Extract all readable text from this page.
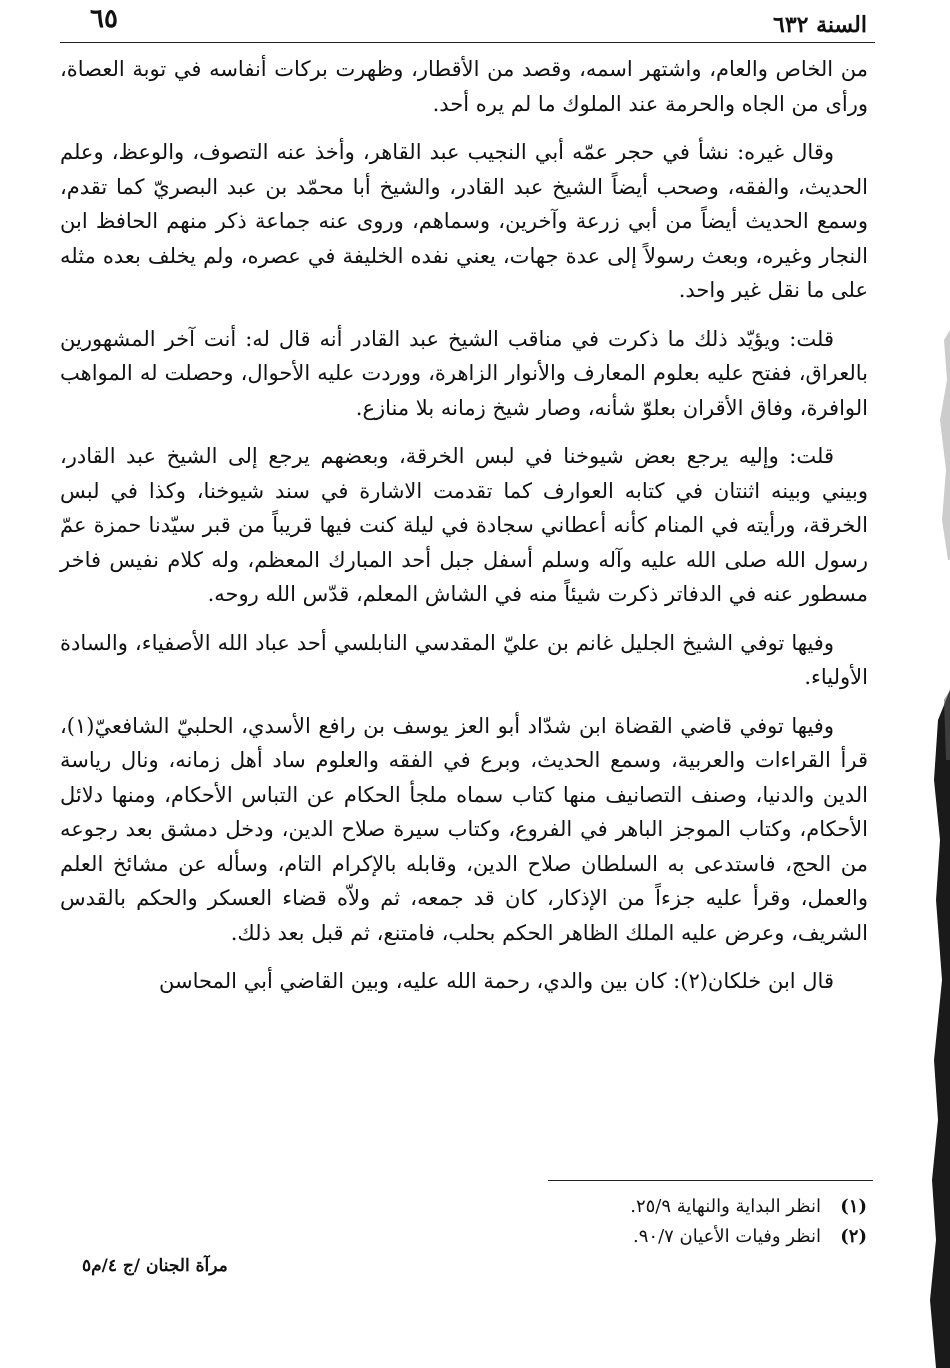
السنة ٦٣٢
٦٥

من الخاص والعام، واشتهر اسمه، وقصد من الأقطار، وظهرت بركات أنفاسه في توبة العصاة، ورأى من الجاه والحرمة عند الملوك ما لم يره أحد.

وقال غيره: نشأ في حجر عمّه أبي النجيب عبد القاهر، وأخذ عنه التصوف، والوعظ، وعلم الحديث، والفقه، وصحب أيضاً الشيخ عبد القادر، والشيخ أبا محمّد بن عبد البصريّ كما تقدم، وسمع الحديث أيضاً من أبي زرعة وآخرين، وسماهم، وروى عنه جماعة ذكر منهم الحافظ ابن النجار وغيره، وبعث رسولاً إلى عدة جهات، يعني نفده الخليفة في عصره، ولم يخلف بعده مثله على ما نقل غير واحد.

قلت: ويؤيّد ذلك ما ذكرت في مناقب الشيخ عبد القادر أنه قال له: أنت آخر المشهورين بالعراق، ففتح عليه بعلوم المعارف والأنوار الزاهرة، ووردت عليه الأحوال، وحصلت له المواهب الوافرة، وفاق الأقران بعلوّ شأنه، وصار شيخ زمانه بلا منازع.

قلت: وإليه يرجع بعض شيوخنا في لبس الخرقة، وبعضهم يرجع إلى الشيخ عبد القادر، وبيني وبينه اثنتان في كتابه العوارف كما تقدمت الاشارة في سند شيوخنا، وكذا في لبس الخرقة، ورأيته في المنام كأنه أعطاني سجادة في ليلة كنت فيها قريباً من قبر سيّدنا حمزة عمّ رسول الله صلى الله عليه وآله وسلم أسفل جبل أحد المبارك المعظم، وله كلام نفيس فاخر مسطور عنه في الدفاتر ذكرت شيئاً منه في الشاش المعلم، قدّس الله روحه.

وفيها توفي الشيخ الجليل غانم بن عليّ المقدسي النابلسي أحد عباد الله الأصفياء، والسادة الأولياء.

وفيها توفي قاضي القضاة ابن شدّاد أبو العز يوسف بن رافع الأسدي، الحلبيّ الشافعيّ(١)، قرأ القراءات والعربية، وسمع الحديث، وبرع في الفقه والعلوم ساد أهل زمانه، ونال رياسة الدين والدنيا، وصنف التصانيف منها كتاب سماه ملجأ الحكام عن التباس الأحكام، ومنها دلائل الأحكام، وكتاب الموجز الباهر في الفروع، وكتاب سيرة صلاح الدين، ودخل دمشق بعد رجوعه من الحج، فاستدعى به السلطان صلاح الدين، وقابله بالإكرام التام، وسأله عن مشائخ العلم والعمل، وقرأ عليه جزءاً من الإذكار، كان قد جمعه، ثم ولاّه قضاء العسكر والحكم بالقدس الشريف، وعرض عليه الملك الظاهر الحكم بحلب، فامتنع، ثم قبل بعد ذلك.

قال ابن خلكان(٢): كان بين والدي، رحمة الله عليه، وبين القاضي أبي المحاسن

(١)انظر البداية والنهاية ٢٥/٩.
(٢)انظر وفيات الأعيان ٩٠/٧.
مرآة الجنان /ج ٤/م٥
